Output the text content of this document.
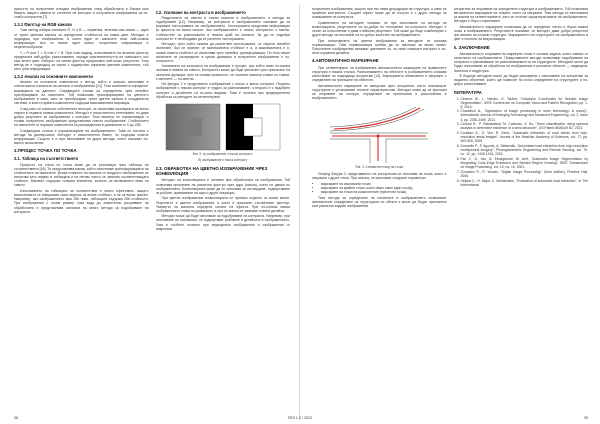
яркостта на получените изходни изображения след обработката е близка към базата, защото зависи от степента на контраст и получените изображения са по-слабо контрастни [7].

1.3.1 Филтър на RGB канали

Този метод избира каналите R, G и B — червения, зеления или синия — един от трите цветови канала за определяне стойността на сивия цвят. Методът е подходящ при изображения, в които един от каналите носи най-голяма информация. Ако се вземе един канал, получената информация е нецелесъобразна.

Y = R или Y = G или Y = B. При този подход, използването на зеления филтър предполага най-добро разпознаване, поради чувствителността на човешкото око към зелен цвят. Изборът на синия филтър предполага най-лоши резултати. Този метод не е подходящ за сцени с подчертано изразени цветови компоненти, тъй като губи информация.

1.3.2 Анализ на основните компоненти

Анализ на основните компоненти е метод, който е широко използван в статистиката и анализа на сигнали и изображения [14]. Тези компоненти определят вариацията на данните. Следващите стъпки са определени чрез линейно преобразуване на пикселите. Той позволява трансформиране на цветното изображение в сиво, като се преобразуват трите цветни канала в координатна система, в която първата компонента съдържа максималната вариация.

След като се изчислят собствените вектори, се изчислява проекцията на всеки пиксел в първата главна компонента. Методът е изчислително интензивен, но дава добри резултати за изображения с контраст. Тези пиксели се нормализират и тогава полученото изображение представлява сивото изображение. Стойностите на пикселите от първата компонента са разпределени в диапазона от 0 до 255.

Следващата стъпка е нормализиране на изображението. Това се постига с метода на дисперсията. Методът е изчислително бавен, но съдържа повече информация. Същото е и при използване на други методи, които изискват по-малко изчисления.

2.ПРОЦЕС ТОЧКА ПО ТОЧКА
2.1. Таблица на съответствието

Процесът на точка по точка може да се реализира чрез таблица на съответствието [16]. Тя представлява масив, който изпълнява трансформацията на стойностите на пикселите. Всяка стойност на пиксела от входното изображение се използва като индекс в таблицата и на негово място се записва съответстващата стойност. Масивът съдържа толкова елементи, колкото са възможните нива на сивото.

Използването на таблицата за съответствие е много ефективно, защото изчисленията се извършват само веднъж за всяка стойност, а не за всеки пиксел. Например, ако изображението има 256 нива, таблицата съдържа 256 стойности. При изображения с голям размер това води до значително ускоряване на обработката и представлява основата на много методи за подобряване на контраста.

2.2. Усилване на контраста в изображението

Разделянето на светли и тъмни пиксели в изображението и методи за подобряване [12]. Например, за контраста в изображението изискват да се формира хистограмата на изображението. Хистограмата представя информация за яркостта на всеки пиксел. Ако изображението е тъмно, контрастът е малък, стойностите са разположени в ниския край на скалата. За да се подобри контрастът, е необходимо да се разтегне хистограмата.

Методът, чрез който можем да разтегнем хистограмата, се нарича линейно разтягане. Ако се приеме, че минималната стойност е a, а максималната е b, тогава новата стойност се изчислява чрез линейна трансформация. По този начин пикселите се разпределят в целия диапазон и полученото изображение е по-контрастно.

Усилването на контраста на изображение е процес, при който имат по-малка разлика в нивата на сивото. Контрастът може да бъде увеличен чрез прилагане на различни функции, като се спазва правилото, че тъмните пиксели стават по-тъмни, а светлите — по-светли.

На фигура 2 е представено изображение с нисък и висок контраст. Първото изображение с ниския контраст е трудно за разпознаване, а второто е с подобрен контраст и детайлите са по-ясно видими. Това е полезно при предварителна обработка за методите за сегментиране.

Фиг. 2: а) изображение с нисък контраст;
б) изображение с висок контраст
2.3. ОБРАБОТКА НА ЦВЕТНО ИЗОБРАЖЕНИЕ ЧРЕЗ КОНВОЛЮЦИЯ

Методът на конволюцията е основен при обработката на изображения. Той позволява прилагане на различни филтри чрез ядро (маска), което се движи по изображението. Конволюцията може да се използва за изглаждане, подчертаване на ръбове, премахване на шум и други операции.

При цветни изображения конволюцията се прилага отделно за всеки канал. Резултатът е цветно изображение, в което е приложен съответният филтър. Размерът на маската определя силата на ефекта. При по-голяма маска изображението става по-размазано, а при по-малка се запазват повече детайли.

Методът може да бъде използван за подобряване на контраста. Например, при използване на лапласиан, се подчертават ръбовете и детайлите в изображението. Това е особено полезно при медицински изображения и изображения от микроскоп.

получените изображения, защото при тях няма деградация на структура, а само се променя контрастът. Същият ефект може да се получи и с други методи за повишаване на контраста.

Сравнението на методите показва, че при използване на метода на конволюцията, резултатите са по-добри по отношение на контраста. Методът е лесен за изпълнение и дава стабилни резултати. Той може да бъде комбиниран с други методи за постигане на по-добро качество на изображението.

При използването на цветни изображения за методите се изисква нормализация. Тази нормализация трябва да се приложи за всеки канал. Получените изображения запазват цветовете си, но имат повишен контраст и по-ясно изразени детайли.

4.АВТОМАТИЧНО МАРКИРАНЕ

При сегментиране на изображения автоматичното маркиране на правилните структури е важна стъпка. Разпознаването на обектите в изображението изисква използване на подходящи алгоритми [13]. Маркирането обикновено е свързано с определяне на границите на обектите.

Автоматичното маркиране се извършва чрез алгоритми, които анализират структурите и установяват техните характеристики. Методът може да се приложи за откриване на контури, определяне на пресичания и разклонения в изображението.

Фиг. 3: Схематичен вид на точка

Според Фигура 3, представянето на алгоритъма се основава на точка, която е свързана с други точки. При анализ, се използват следните параметри:

• маркиране на изолирани точки;
• маркиране на крайни точки, които имат само един съсед;
• маркиране на точки на разклонение (пресечни точки).

Тези методи за определяне на пикселите в изображението позволяват автоматично определяне на структурата на обекта и могат да бъдат приложени към различни видове изображения.

алгоритъм за откриване на определени структури в изображението. Той позволява автоматично маркиране на точките, които са свързани. Тези методи са използвани за анализ на сегментирането, като се отчитат характеристиките на изображението. Методът е бърз и ефективен.

Автоматичното маркиране позволява да се определят лесно и бързо важни точки в изображението. Резултатите показват, че методът дава добри резултати при анализ на сложни структури. Маркирането на структурите на изображението в цвят е полезно за визуализация.

5. ЗАКЛЮЧЕНИЕ

Автоматичното откриване на маркерни точки е сложна задача, която зависи от качеството на изображението. Представените методи позволяват подобряване на контраста и увеличаване на разпознаваемостта на структурите. Методите могат да бъдат използвани за обработка на изображения в различни области — медицина, биология и индустрия.

В бъдеще методите могат да бъдат разширени с използване на алгоритми за машинно обучение, които ще позволят по-точно определяне на структурите и по-добро разпознаване.

ЛИТЕРАТУРА
1. Cesevic W., L. Nenalo, G. Tauber, "Lidaclairs Coordinates for Seeded Image Segmentation", IEEE Conference on Computer Vision and Pattern Recognition, pp. 1-8, 2014.
2. Chaudhuri A., "Application of image processing in seed technology: A survey", International Journal of Emerging Technology and Advanced Engineering, vol. 2, issue 4, pp. 2250-2459, 2012.
3. Conrad R., P. Ralkansteal, M. Coleman, X. Hu, "Seed classification using spectral analysis to determine existence of a seed structure", US Patent 8605149 B2, 2013.
4. Cunalaci A., O. Vlai, R. Zanzi, "Automatic extraction of rural seeds from high-resolution aerial images", Annals of the Brazilian Academy of Sciences, vol. 77, pp. 509-528, 2005.
5. Docwelle P., F. Agouris, A. Stefanidis, "Automated road extraction from high resolution multispectral imagery", Photogrammetric Engineering and Remote Sensing, vol. 70, no. 12, pp. 1405-1416, 2004.
6. Fan J., D. Yau, A. Elmagarmid, W. Aref, "Automatic Image Segmentation by Integrating Color-Edge Extraction and Seeded Region Growing", IEEE Transactions on Image Processing, vol. 10, no. 10, 2001.
7. Gonzalez R., R. Woods, "Digital Image Processing", (third edition), Prentice Hall, 2008.
8. Helpiar C., H. Major, C. Woldemann, "Evaluation of automatic road extraction", In The International
38	ПЕЗ 1-2 / 2021	39
